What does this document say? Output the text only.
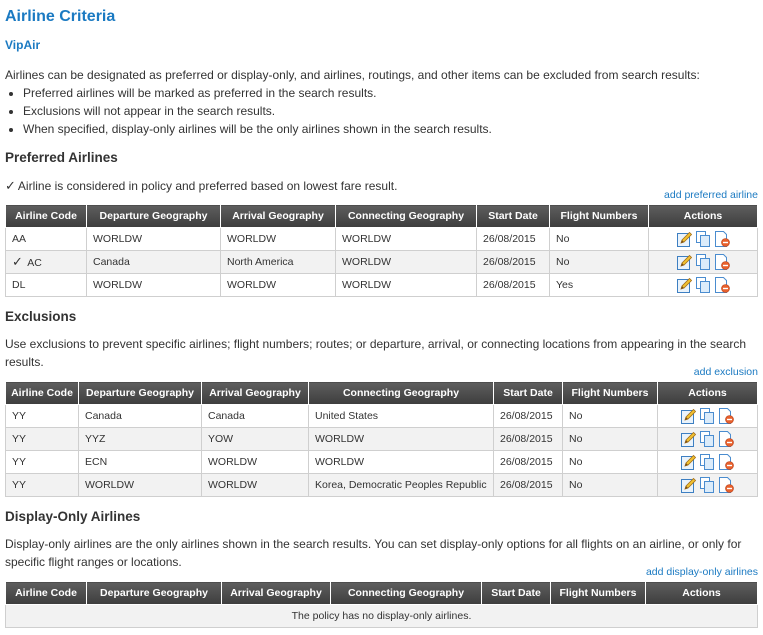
Airline Criteria
VipAir
Airlines can be designated as preferred or display-only, and airlines, routings, and other items can be excluded from search results:
• Preferred airlines will be marked as preferred in the search results.
• Exclusions will not appear in the search results.
• When specified, display-only airlines will be the only airlines shown in the search results.
Preferred Airlines
✓ Airline is considered in policy and preferred based on lowest fare result.
add preferred airline
Airline Code	Departure Geography	Arrival Geography	Connecting Geography	Start Date	Flight Numbers	Actions
AA	WORLDW	WORLDW	WORLDW	26/08/2015	No	
✓ AC	Canada	North America	WORLDW	26/08/2015	No	
DL	WORLDW	WORLDW	WORLDW	26/08/2015	Yes	
Exclusions
Use exclusions to prevent specific airlines; flight numbers; routes; or departure, arrival, or connecting locations from appearing in the search results.
add exclusion
Airline Code	Departure Geography	Arrival Geography	Connecting Geography	Start Date	Flight Numbers	Actions
YY	Canada	Canada	United States	26/08/2015	No	
YY	YYZ	YOW	WORLDW	26/08/2015	No	
YY	ECN	WORLDW	WORLDW	26/08/2015	No	
YY	WORLDW	WORLDW	Korea, Democratic Peoples Republic	26/08/2015	No	
Display-Only Airlines
Display-only airlines are the only airlines shown in the search results. You can set display-only options for all flights on an airline, or only for specific flight ranges or locations.
add display-only airlines
Airline Code	Departure Geography	Arrival Geography	Connecting Geography	Start Date	Flight Numbers	Actions
The policy has no display-only airlines.
